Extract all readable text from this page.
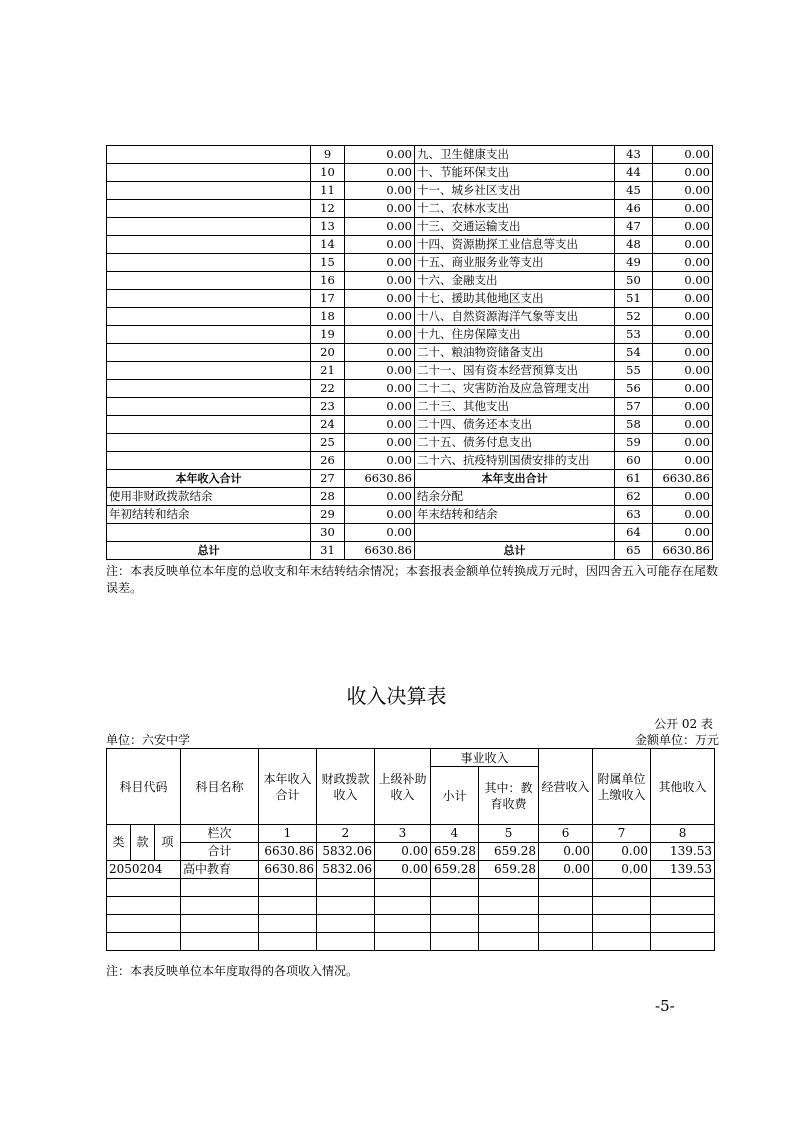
	9	0.00	九、卫生健康支出	43	0.00
	10	0.00	十、节能环保支出	44	0.00
	11	0.00	十一、城乡社区支出	45	0.00
	12	0.00	十二、农林水支出	46	0.00
	13	0.00	十三、交通运输支出	47	0.00
	14	0.00	十四、资源勘探工业信息等支出	48	0.00
	15	0.00	十五、商业服务业等支出	49	0.00
	16	0.00	十六、金融支出	50	0.00
	17	0.00	十七、援助其他地区支出	51	0.00
	18	0.00	十八、自然资源海洋气象等支出	52	0.00
	19	0.00	十九、住房保障支出	53	0.00
	20	0.00	二十、粮油物资储备支出	54	0.00
	21	0.00	二十一、国有资本经营预算支出	55	0.00
	22	0.00	二十二、灾害防治及应急管理支出	56	0.00
	23	0.00	二十三、其他支出	57	0.00
	24	0.00	二十四、债务还本支出	58	0.00
	25	0.00	二十五、债务付息支出	59	0.00
	26	0.00	二十六、抗疫特别国债安排的支出	60	0.00
本年收入合计	27	6630.86	本年支出合计	61	6630.86
使用非财政拨款结余	28	0.00	结余分配	62	0.00
年初结转和结余	29	0.00	年末结转和结余	63	0.00
	30	0.00		64	0.00
总计	31	6630.86	总计	65	6630.86
注：本表反映单位本年度的总收支和年末结转结余情况；本套报表金额单位转换成万元时，因四舍五入可能存在尾数误差。
收入决算表
公开 02 表
单位：六安中学	金额单位：万元
科目代码			科目名称	本年收入合计	财政拨款收入	上级补助收入	事业收入		经营收入	附属单位上缴收入	其他收入
							小计	其中：教育收费			
类	款	项	栏次	1	2	3	4	5	6	7	8
			合计	6630.86	5832.06	0.00	659.28	659.28	0.00	0.00	139.53
2050204			高中教育	6630.86	5832.06	0.00	659.28	659.28	0.00	0.00	139.53

注：本表反映单位本年度取得的各项收入情况。
-5-
